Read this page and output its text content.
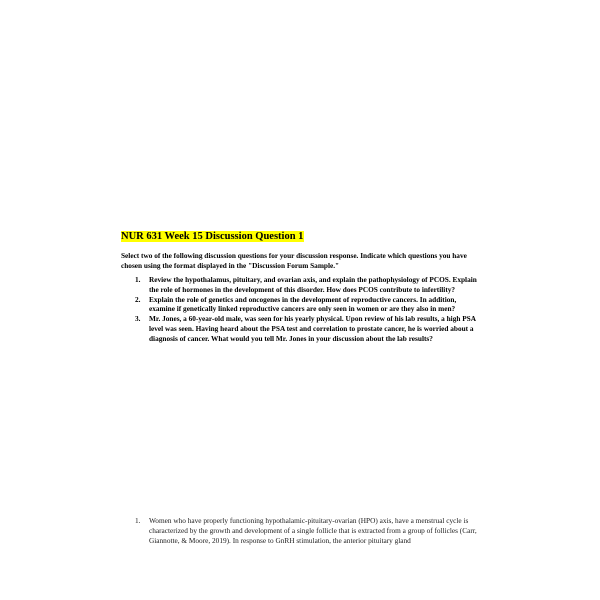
NUR 631 Week 15 Discussion Question 1
Select two of the following discussion questions for your discussion response. Indicate which questions you have chosen using the format displayed in the "Discussion Forum Sample."
1. Review the hypothalamus, pituitary, and ovarian axis, and explain the pathophysiology of PCOS. Explain the role of hormones in the development of this disorder. How does PCOS contribute to infertility?
2. Explain the role of genetics and oncogenes in the development of reproductive cancers. In addition, examine if genetically linked reproductive cancers are only seen in women or are they also in men?
3. Mr. Jones, a 60-year-old male, was seen for his yearly physical. Upon review of his lab results, a high PSA level was seen. Having heard about the PSA test and correlation to prostate cancer, he is worried about a diagnosis of cancer. What would you tell Mr. Jones in your discussion about the lab results?
1. Women who have properly functioning hypothalamic-pituitary-ovarian (HPO) axis, have a menstrual cycle is characterized by the growth and development of a single follicle that is extracted from a group of follicles (Carr, Giannotte, & Moore, 2019). In response to GnRH stimulation, the anterior pituitary gland
